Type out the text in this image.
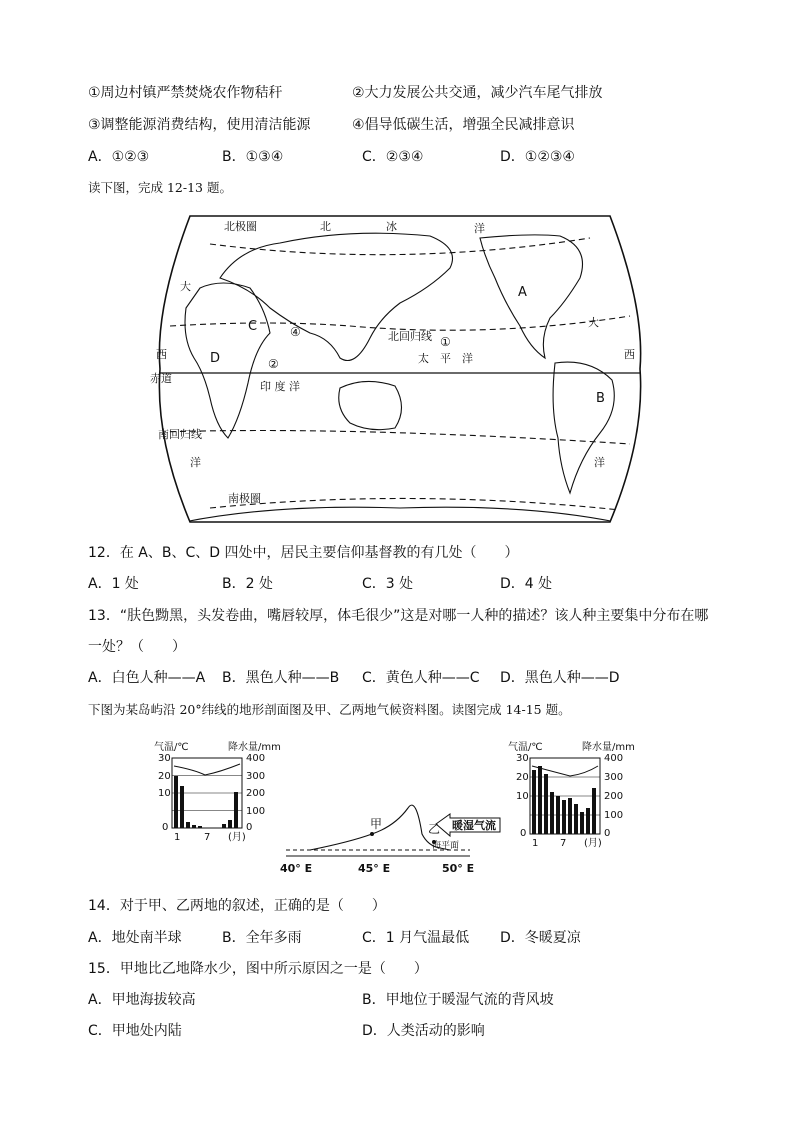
①周边村镇严禁焚烧农作物秸秆	②大力发展公共交通，减少汽车尾气排放
③调整能源消费结构，使用清洁能源	④倡导低碳生活，增强全民减排意识
A．①②③	B．①③④	C．②③④	D．①②③④
读下图，完成 12-13 题。
北极圈	北	冰	洋
大
大
西	西
洋	洋
赤道
北回归线
南回归线
南极圈
印 度 洋
太　平　洋
A
B
C
D
①
②
④
12．在 A、B、C、D 四处中，居民主要信仰基督教的有几处（　　）
A．1 处	B．2 处	C．3 处	D．4 处
13．“肤色黝黑，头发卷曲，嘴唇较厚，体毛很少”这是对哪一人种的描述？该人种主要集中分布在哪
一处？（　　）
A．白色人种——A B．黑色人种——B C．黄色人种——C D．黑色人种——D
下图为某岛屿沿 20°纬线的地形剖面图及甲、乙两地气候资料图。读图完成 14-15 题。
气温/℃	降水量/mm
30
20
10
0
400
300
200
100
0
1 7 (月)
甲	乙 暖湿气流
海平面
40° E	45° E	50° E
气温/℃	降水量/mm
30
20
10
0
400
300
200
100
0
1 7 (月)
14．对于甲、乙两地的叙述，正确的是（　　）
A．地处南半球	B．全年多雨	C．1 月气温最低 D．冬暖夏凉
15．甲地比乙地降水少，图中所示原因之一是（　　）
A．甲地海拔较高	B．甲地位于暖湿气流的背风坡
C．甲地处内陆	D．人类活动的影响
